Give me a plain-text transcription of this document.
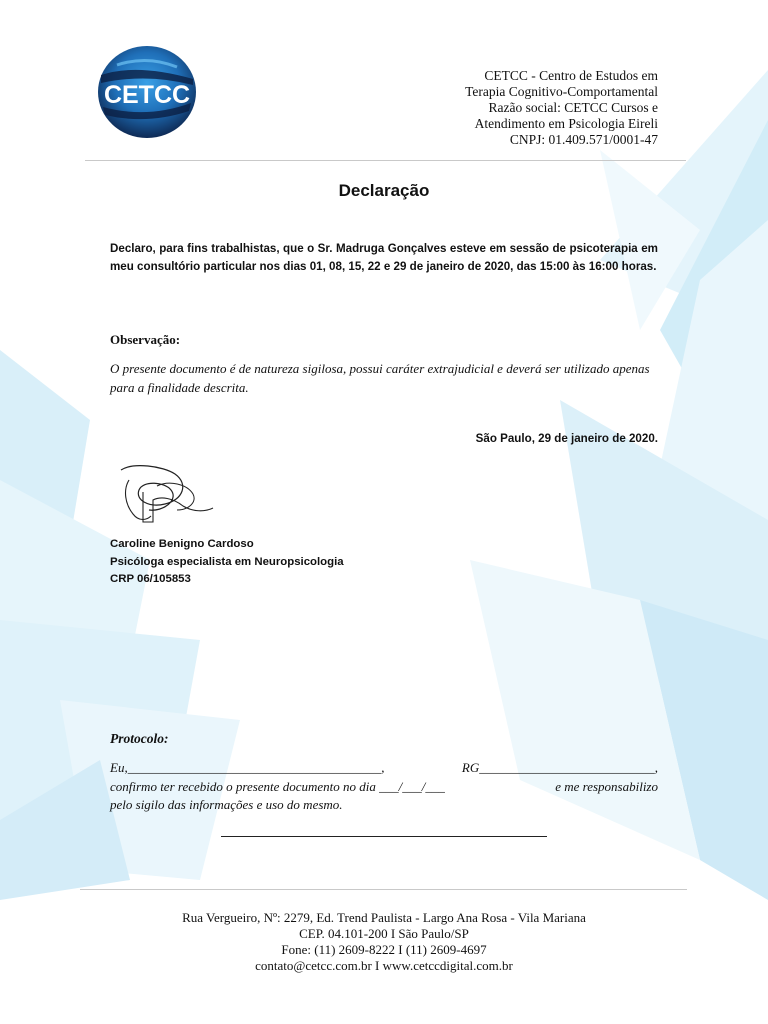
CETCC
CETCC - Centro de Estudos em
Terapia Cognitivo-Comportamental
Razão social: CETCC Cursos e
Atendimento em Psicologia Eireli
CNPJ: 01.409.571/0001-47
Declaração
Declaro, para fins trabalhistas, que o Sr. Madruga Gonçalves esteve em sessão de psicoterapia em meu consultório particular nos dias 01, 08, 15, 22 e 29 de janeiro de 2020, das 15:00 às 16:00 horas.
Observação:
O presente documento é de natureza sigilosa, possui caráter extrajudicial e deverá ser utilizado apenas para a finalidade descrita.
São Paulo, 29 de janeiro de 2020.
Caroline Benigno Cardoso
Psicóloga especialista em Neuropsicologia
CRP 06/105853
Protocolo:
Eu,_______________________________________,	RG___________________________,
confirmo ter recebido o presente documento no dia ___/___/___	e me responsabilizo
pelo sigilo das informações e uso do mesmo.
Rua Vergueiro, Nº: 2279, Ed. Trend Paulista - Largo Ana Rosa - Vila Mariana
CEP. 04.101-200 I São Paulo/SP
Fone: (11) 2609-8222 I (11) 2609-4697
contato@cetcc.com.br I www.cetccdigital.com.br
